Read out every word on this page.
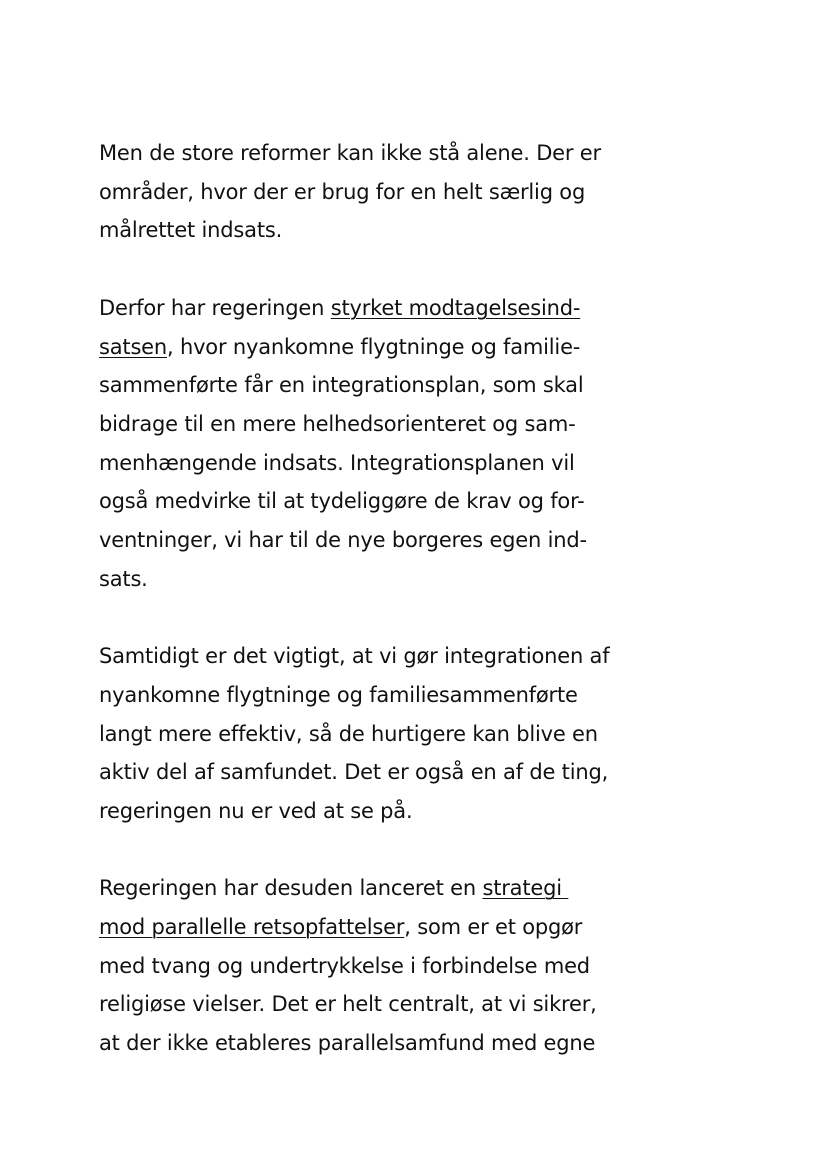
Men de store reformer kan ikke stå alene. Der er
områder, hvor der er brug for en helt særlig og
målrettet indsats.

Derfor har regeringen styrket modtagelsesind-
satsen, hvor nyankomne flygtninge og familie-
sammenførte får en integrationsplan, som skal
bidrage til en mere helhedsorienteret og sam-
menhængende indsats. Integrationsplanen vil
også medvirke til at tydeliggøre de krav og for-
ventninger, vi har til de nye borgeres egen ind-
sats.

Samtidigt er det vigtigt, at vi gør integrationen af
nyankomne flygtninge og familiesammenførte
langt mere effektiv, så de hurtigere kan blive en
aktiv del af samfundet. Det er også en af de ting,
regeringen nu er ved at se på.

Regeringen har desuden lanceret en strategi
mod parallelle retsopfattelser, som er et opgør
med tvang og undertrykkelse i forbindelse med
religiøse vielser. Det er helt centralt, at vi sikrer,
at der ikke etableres parallelsamfund med egne
